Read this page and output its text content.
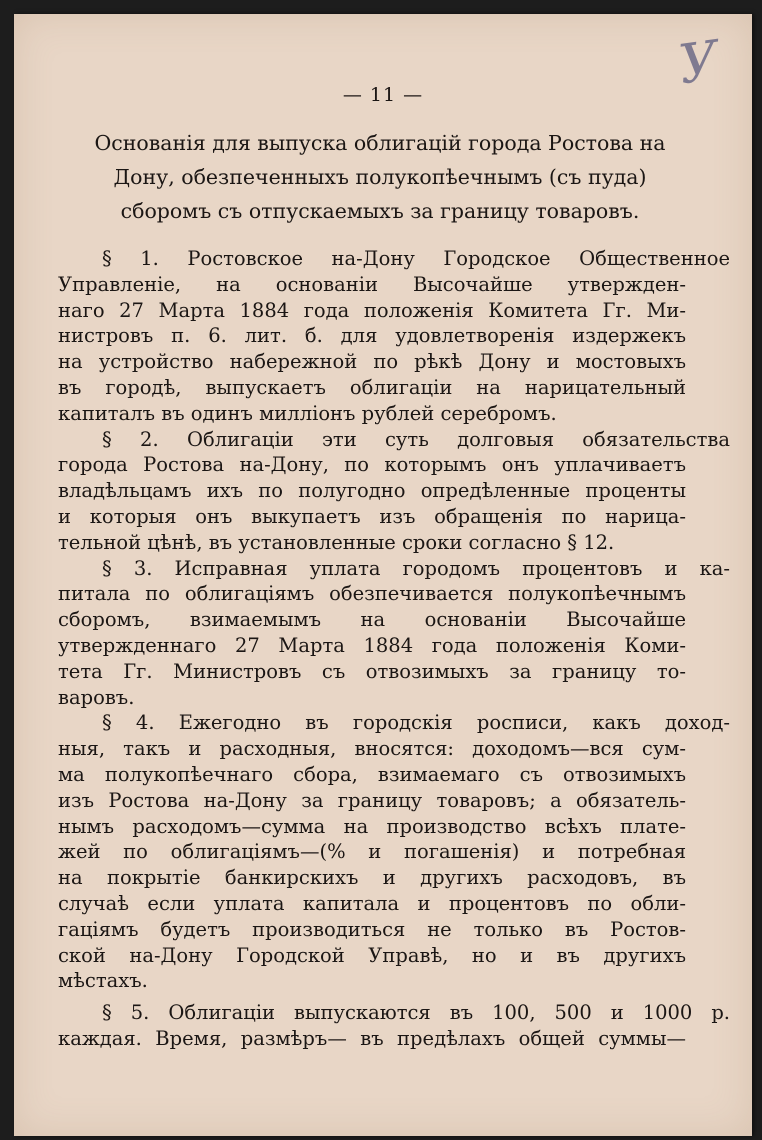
У
— 11 —
Основанія для выпуска облигацій города Ростова на
Дону, обезпеченныхъ полукопѣечнымъ (съ пуда)
сборомъ съ отпускаемыхъ за границу товаровъ.
§ 1. Ростовское на-Дону Городское Общественное
Управленіе, на основаніи Высочайше утвержден-
наго 27 Марта 1884 года положенія Комитета Гг. Ми-
нистровъ п. 6. лит. б. для удовлетворенія издержекъ
на устройство набережной по рѣкѣ Дону и мостовыхъ
въ городѣ, выпускаетъ облигаціи на нарицательный
капиталъ въ одинъ милліонъ рублей серебромъ.
§ 2. Облигаціи эти суть долговыя обязательства
города Ростова на-Дону, по которымъ онъ уплачиваетъ
владѣльцамъ ихъ по полугодно опредѣленные проценты
и которыя онъ выкупаетъ изъ обращенія по нарица-
тельной цѣнѣ, въ установленные сроки согласно § 12.
§ 3. Исправная уплата городомъ процентовъ и ка-
питала по облигаціямъ обезпечивается полукопѣечнымъ
сборомъ, взимаемымъ на основаніи Высочайше
утвержденнаго 27 Марта 1884 года положенія Коми-
тета Гг. Министровъ съ отвозимыхъ за границу то-
варовъ.
§ 4. Ежегодно въ городскія росписи, какъ доход-
ныя, такъ и расходныя, вносятся: доходомъ—вся сум-
ма полукопѣечнаго сбора, взимаемаго съ отвозимыхъ
изъ Ростова на-Дону за границу товаровъ; а обязатель-
нымъ расходомъ—сумма на производство всѣхъ плате-
жей по облигаціямъ—(%‍ и погашенія) и потребная
на покрытіе банкирскихъ и другихъ расходовъ, въ
случаѣ если уплата капитала и процентовъ по обли-
гаціямъ будетъ производиться не только въ Ростов-
ской на-Дону Городской Управѣ, но и въ другихъ
мѣстахъ.
§ 5. Облигаціи выпускаются въ 100, 500 и 1000 р.
каждая. Время, размѣръ— въ предѣлахъ общей суммы—
